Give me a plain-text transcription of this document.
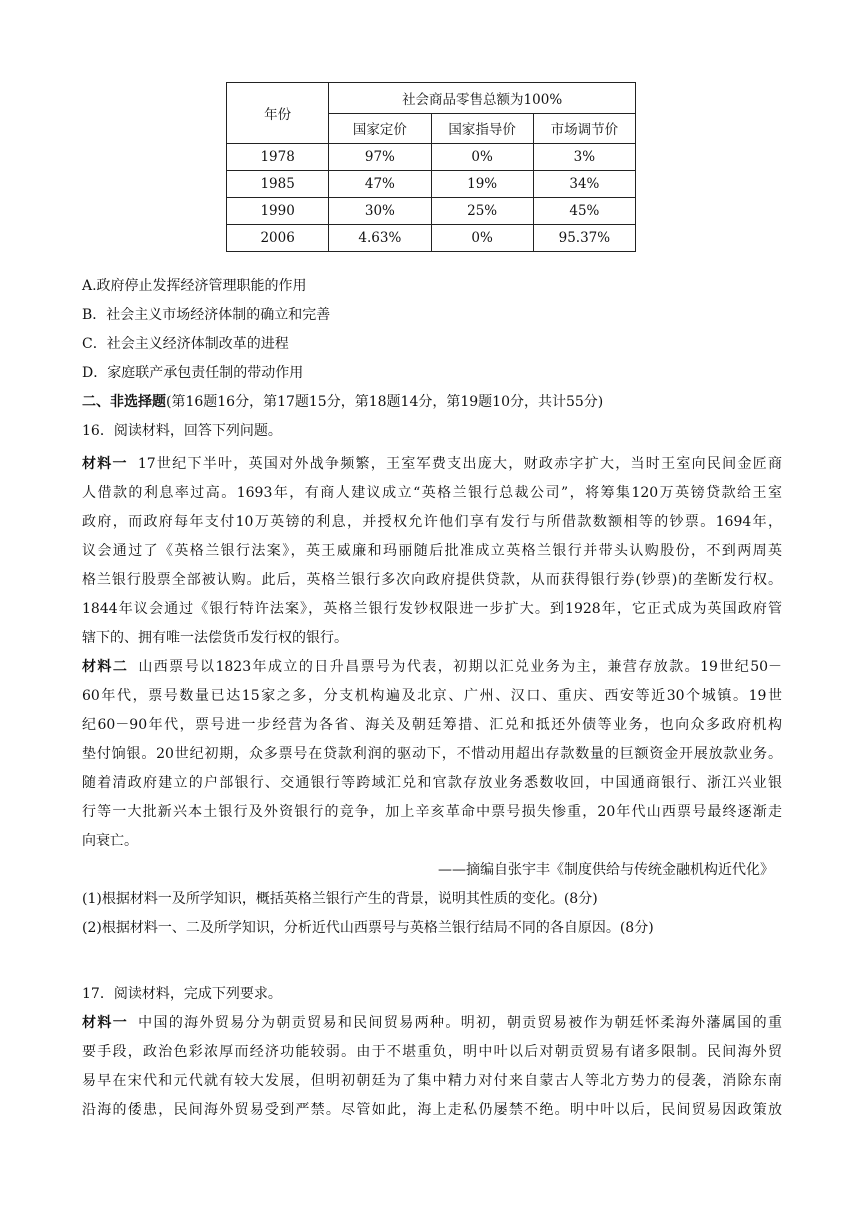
年份	社会商品零售总额为100%		
	国家定价	国家指导价	市场调节价
1978	97%	0%	3%
1985	47%	19%	34%
1990	30%	25%	45%
2006	4.63%	0%	95.37%
A.政府停止发挥经济管理职能的作用
B．社会主义市场经济体制的确立和完善
C．社会主义经济体制改革的进程
D．家庭联产承包责任制的带动作用
二、非选择题(第16题16分，第17题15分，第18题14分，第19题10分，共计55分)
16．阅读材料，回答下列问题。
材料一 17世纪下半叶，英国对外战争频繁，王室军费支出庞大，财政赤字扩大，当时王室向民间金匠商
人借款的利息率过高。1693年，有商人建议成立“英格兰银行总裁公司”，将筹集120万英镑贷款给王室
政府，而政府每年支付10万英镑的利息，并授权允许他们享有发行与所借款数额相等的钞票。1694年，
议会通过了《英格兰银行法案》，英王威廉和玛丽随后批准成立英格兰银行并带头认购股份，不到两周英
格兰银行股票全部被认购。此后，英格兰银行多次向政府提供贷款，从而获得银行券(钞票)的垄断发行权。
1844年议会通过《银行特许法案》，英格兰银行发钞权限进一步扩大。到1928年，它正式成为英国政府管
辖下的、拥有唯一法偿货币发行权的银行。
材料二 山西票号以1823年成立的日升昌票号为代表，初期以汇兑业务为主，兼营存放款。19世纪50－
60年代，票号数量已达15家之多，分支机构遍及北京、广州、汉口、重庆、西安等近30个城镇。19世
纪60－90年代，票号进一步经营为各省、海关及朝廷筹措、汇兑和抵还外债等业务，也向众多政府机构
垫付饷银。20世纪初期，众多票号在贷款利润的驱动下，不惜动用超出存款数量的巨额资金开展放款业务。
随着清政府建立的户部银行、交通银行等跨域汇兑和官款存放业务悉数收回，中国通商银行、浙江兴业银
行等一大批新兴本土银行及外资银行的竞争，加上辛亥革命中票号损失惨重，20年代山西票号最终逐渐走
向衰亡。
——摘编自张宇丰《制度供给与传统金融机构近代化》
(1)根据材料一及所学知识，概括英格兰银行产生的背景，说明其性质的变化。(8分)
(2)根据材料一、二及所学知识，分析近代山西票号与英格兰银行结局不同的各自原因。(8分)
17．阅读材料，完成下列要求。
材料一 中国的海外贸易分为朝贡贸易和民间贸易两种。明初，朝贡贸易被作为朝廷怀柔海外藩属国的重
要手段，政治色彩浓厚而经济功能较弱。由于不堪重负，明中叶以后对朝贡贸易有诸多限制。民间海外贸
易早在宋代和元代就有较大发展，但明初朝廷为了集中精力对付来自蒙古人等北方势力的侵袭，消除东南
沿海的倭患，民间海外贸易受到严禁。尽管如此，海上走私仍屡禁不绝。明中叶以后，民间贸易因政策放
